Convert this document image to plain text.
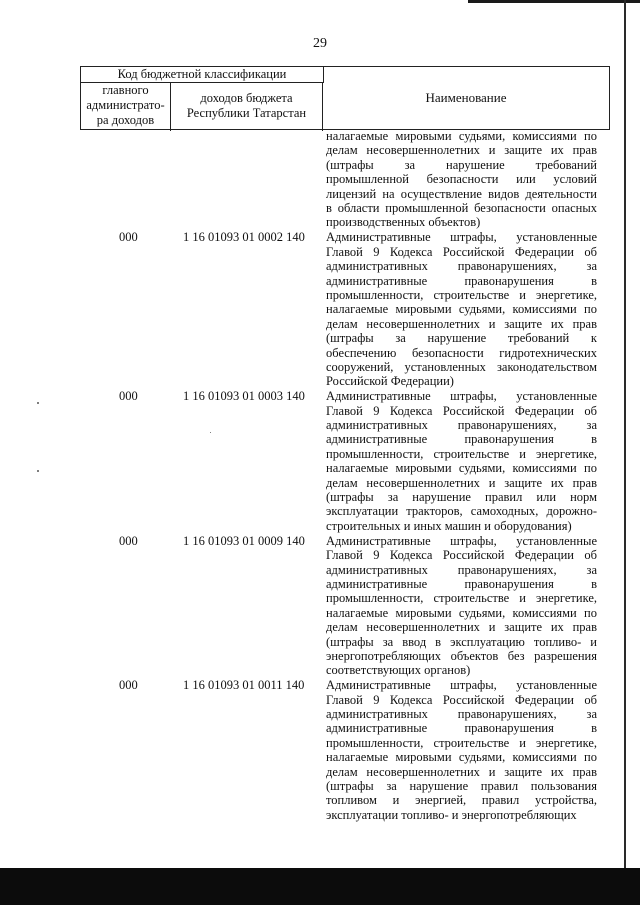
29
Код бюджетной классификации
главного
администрато-
ра доходов
доходов бюджета
Республики Татарстан
Наименование
налагаемые мировыми судьями, комиссиями по
делам несовершеннолетних и защите их прав
(штрафы за нарушение требований
промышленной безопасности или условий
лицензий на осуществление видов деятельности
в области промышленной безопасности опасных
производственных объектов)
000	1 16 01093 01 0002 140 Административные штрафы, установленные
Главой 9 Кодекса Российской Федерации об
административных правонарушениях, за
административные правонарушения в
промышленности, строительстве и энергетике,
налагаемые мировыми судьями, комиссиями по
делам несовершеннолетних и защите их прав
(штрафы за нарушение требований к
обеспечению безопасности гидротехнических
сооружений, установленных законодательством
Российской Федерации)
000	1 16 01093 01 0003 140 Административные штрафы, установленные
Главой 9 Кодекса Российской Федерации об
административных правонарушениях, за
административные правонарушения в
промышленности, строительстве и энергетике,
налагаемые мировыми судьями, комиссиями по
делам несовершеннолетних и защите их прав
(штрафы за нарушение правил или норм
эксплуатации тракторов, самоходных, дорожно-
строительных и иных машин и оборудования)
000	1 16 01093 01 0009 140 Административные штрафы, установленные
Главой 9 Кодекса Российской Федерации об
административных правонарушениях, за
административные правонарушения в
промышленности, строительстве и энергетике,
налагаемые мировыми судьями, комиссиями по
делам несовершеннолетних и защите их прав
(штрафы за ввод в эксплуатацию топливо- и
энергопотребляющих объектов без разрешения
соответствующих органов)
000	1 16 01093 01 0011 140 Административные штрафы, установленные
Главой 9 Кодекса Российской Федерации об
административных правонарушениях, за
административные правонарушения в
промышленности, строительстве и энергетике,
налагаемые мировыми судьями, комиссиями по
делам несовершеннолетних и защите их прав
(штрафы за нарушение правил пользования
топливом и энергией, правил устройства,
эксплуатации топливо- и энергопотребляющих
